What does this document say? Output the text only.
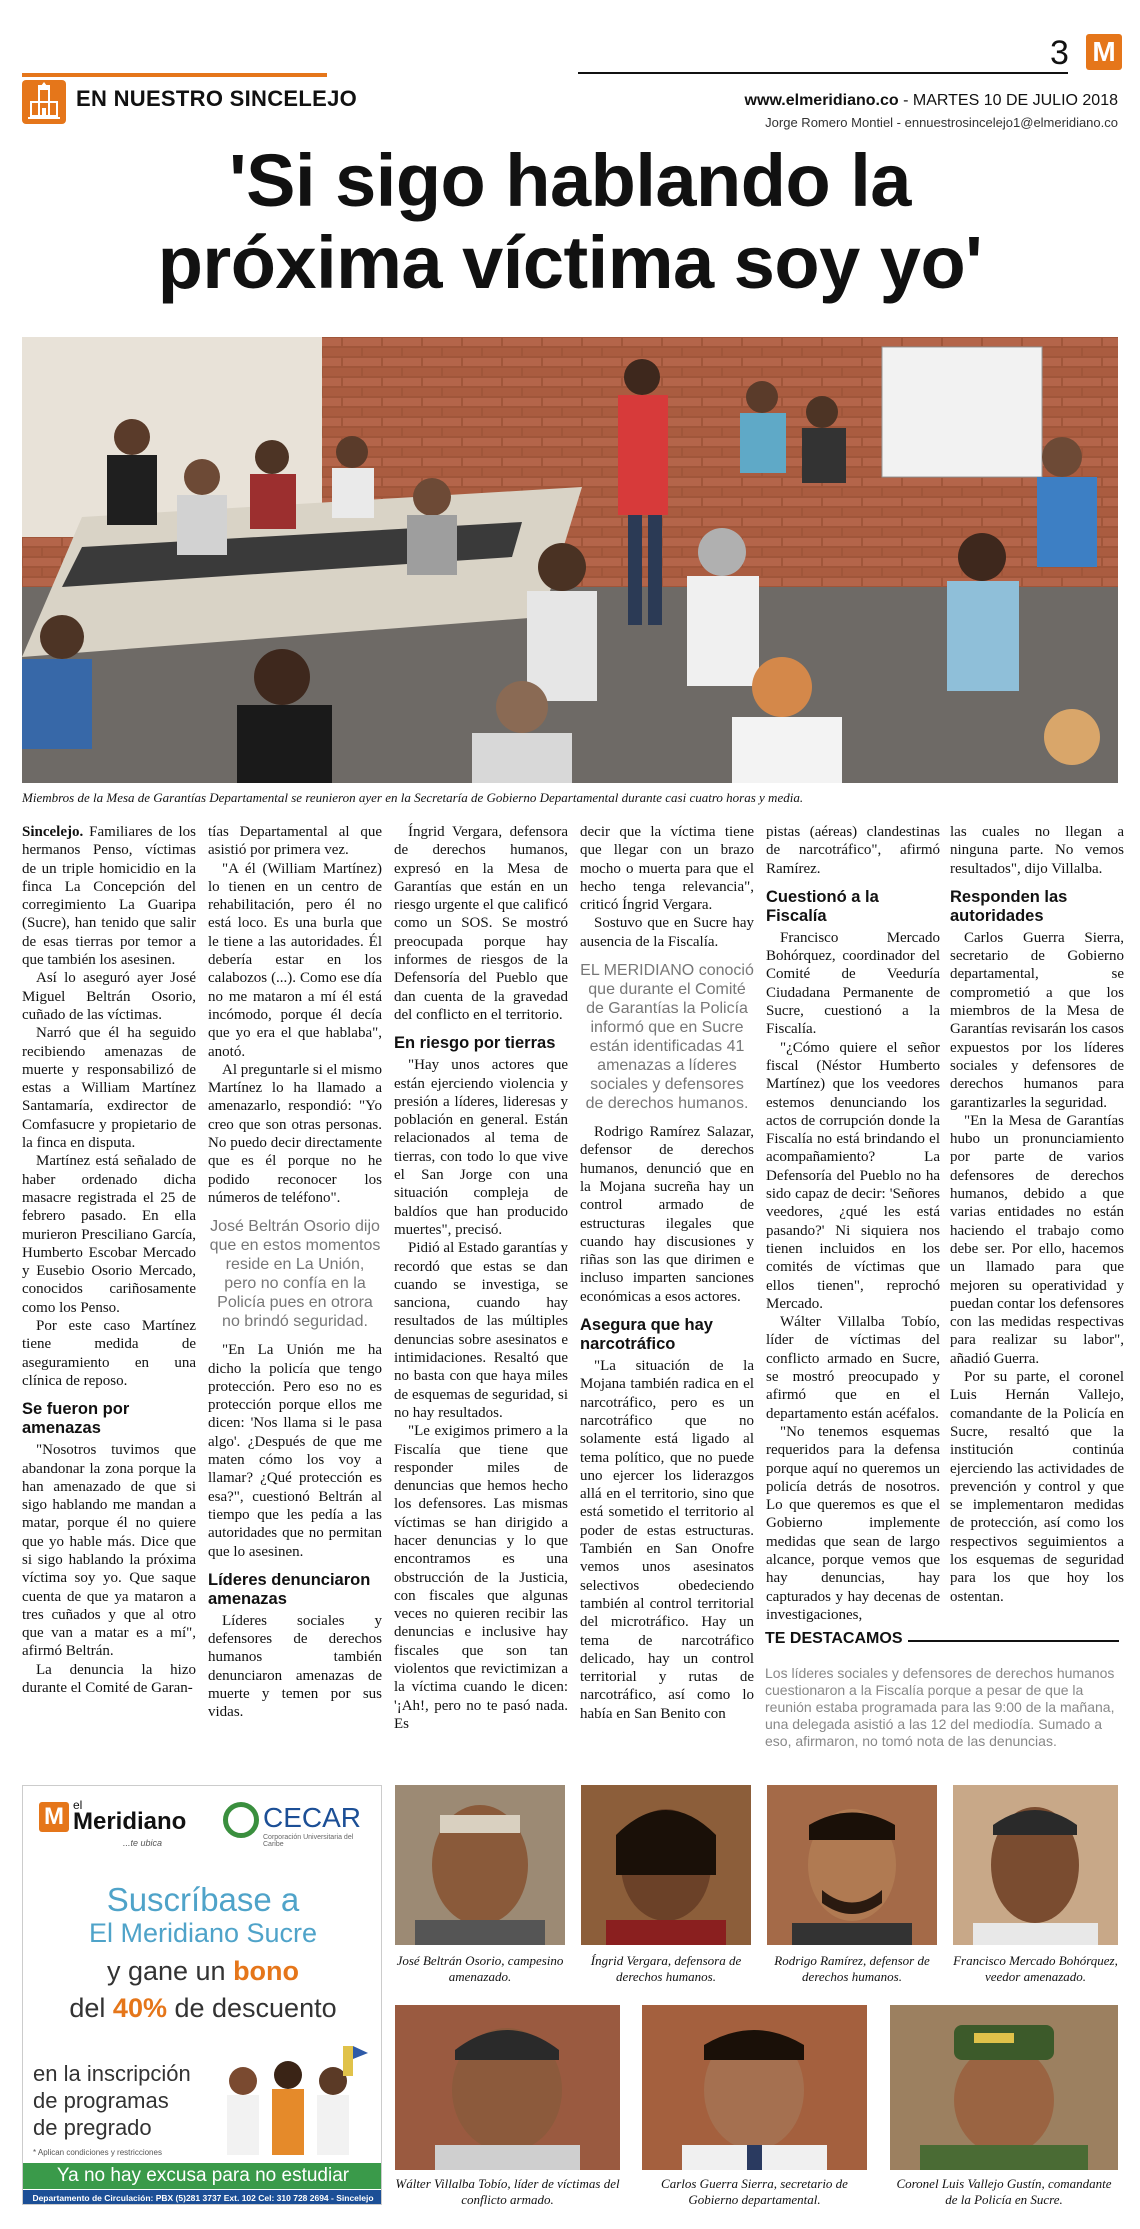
EN NUESTRO SINCELEJO
3 M
www.elmeridiano.co - MARTES 10 DE JULIO 2018
Jorge Romero Montiel - ennuestrosincelejo1@elmeridiano.co
'Si sigo hablando la
próxima víctima soy yo'
Miembros de la Mesa de Garantías Departamental se reunieron ayer en la Secretaría de Gobierno Departamental durante casi cuatro horas y media.

Sincelejo. Familiares de los hermanos Penso, víctimas de un triple homicidio en la finca La Concepción del corregimiento La Guaripa (Sucre), han tenido que salir de esas tierras por temor a que también los asesinen.

Así lo aseguró ayer José Miguel Beltrán Osorio, cuñado de las víctimas.

Narró que él ha seguido recibiendo amenazas de muerte y responsabilizó de estas a William Martínez Santamaría, exdirector de Comfasucre y propietario de la finca en disputa.

Martínez está señalado de haber ordenado dicha masacre registrada el 25 de febrero pasado. En ella murieron Presciliano García, Humberto Escobar Mercado y Eusebio Osorio Mercado, conocidos cariñosamente como los Penso.

Por este caso Martínez tiene medida de aseguramiento en una clínica de reposo.

Se fueron por amenazas

"Nosotros tuvimos que abandonar la zona porque la han amenazado de que si sigo hablando me mandan a matar, porque él no quiere que yo hable más. Dice que si sigo hablando la próxima víctima soy yo. Que saque cuenta de que ya mataron a tres cuñados y que al otro que van a matar es a mí", afirmó Beltrán.

La denuncia la hizo durante el Comité de Garan-

tías Departamental al que asistió por primera vez.

"A él (William Martínez) lo tienen en un centro de rehabilitación, pero él no está loco. Es una burla que le tiene a las autoridades. Él debería estar en los calabozos (...). Como ese día no me mataron a mí él está incómodo, porque él decía que yo era el que hablaba", anotó.

Al preguntarle si el mismo Martínez lo ha llamado a amenazarlo, respondió: "Yo creo que son otras personas. No puedo decir directamente que es él porque no he podido reconocer los números de teléfono".

José Beltrán Osorio dijo que en estos momentos reside en La Unión, pero no confía en la Policía pues en otrora no brindó seguridad.

"En La Unión me ha dicho la policía que tengo protección. Pero eso no es protección porque ellos me dicen: 'Nos llama si le pasa algo'. ¿Después de que me maten cómo los voy a llamar? ¿Qué protección es esa?", cuestionó Beltrán al tiempo que les pedía a las autoridades que no permitan que lo asesinen.

Líderes denunciaron amenazas

Líderes sociales y defensores de derechos humanos también denunciaron amenazas de muerte y temen por sus vidas.

Íngrid Vergara, defensora de derechos humanos, expresó en la Mesa de Garantías que están en un riesgo urgente el que calificó como un SOS. Se mostró preocupada porque hay informes de riesgos de la Defensoría del Pueblo que dan cuenta de la gravedad del conflicto en el territorio.

En riesgo por tierras

"Hay unos actores que están ejerciendo violencia y presión a líderes, lideresas y población en general. Están relacionados al tema de tierras, con todo lo que vive el San Jorge con una situación compleja de baldíos que han producido muertes", precisó.

Pidió al Estado garantías y recordó que estas se dan cuando se investiga, se sanciona, cuando hay resultados de las múltiples denuncias sobre asesinatos e intimidaciones. Resaltó que no basta con que haya miles de esquemas de seguridad, si no hay resultados.

"Le exigimos primero a la Fiscalía que tiene que responder miles de denuncias que hemos hecho los defensores. Las mismas víctimas se han dirigido a hacer denuncias y lo que encontramos es una obstrucción de la Justicia, con fiscales que algunas veces no quieren recibir las denuncias e inclusive hay fiscales que son tan violentos que revictimizan a la víctima cuando le dicen: '¡Ah!, pero no te pasó nada. Es

decir que la víctima tiene que llegar con un brazo mocho o muerta para que el hecho tenga relevancia", criticó Íngrid Vergara.

Sostuvo que en Sucre hay ausencia de la Fiscalía.

EL MERIDIANO conoció que durante el Comité de Garantías la Policía informó que en Sucre están identificadas 41 amenazas a líderes sociales y defensores de derechos humanos.

Rodrigo Ramírez Salazar, defensor de derechos humanos, denunció que en la Mojana sucreña hay un control armado de estructuras ilegales que cuando hay discusiones y riñas son las que dirimen e incluso imparten sanciones económicas a esos actores.

Asegura que hay narcotráfico

"La situación de la Mojana también radica en el narcotráfico, pero es un narcotráfico que no solamente está ligado al tema político, que no puede uno ejercer los liderazgos allá en el territorio, sino que está sometido el territorio al poder de estas estructuras. También en San Onofre vemos unos asesinatos selectivos obedeciendo también al control territorial del microtráfico. Hay un tema de narcotráfico delicado, hay un control territorial y rutas de narcotráfico, así como lo había en San Benito con

pistas (aéreas) clandestinas de narcotráfico", afirmó Ramírez.

Cuestionó a la Fiscalía

Francisco Mercado Bohórquez, coordinador del Comité de Veeduría Ciudadana Permanente de Sucre, cuestionó a la Fiscalía.

"¿Cómo quiere el señor fiscal (Néstor Humberto Martínez) que los veedores estemos denunciando los actos de corrupción donde la Fiscalía no está brindando el acompañamiento? La Defensoría del Pueblo no ha sido capaz de decir: 'Señores veedores, ¿qué les está pasando?' Ni siquiera nos tienen incluidos en los comités de víctimas que ellos tienen", reprochó Mercado.

Wálter Villalba Tobío, líder de víctimas del conflicto armado en Sucre, se mostró preocupado y afirmó que en el departamento están acéfalos.

"No tenemos esquemas requeridos para la defensa porque aquí no queremos un policía detrás de nosotros. Lo que queremos es que el Gobierno implemente medidas que sean de largo alcance, porque vemos que hay denuncias, hay capturados y hay decenas de investigaciones,

las cuales no llegan a ninguna parte. No vemos resultados", dijo Villalba.

Responden las autoridades

Carlos Guerra Sierra, secretario de Gobierno departamental, se comprometió a que los miembros de la Mesa de Garantías revisarán los casos expuestos por los líderes sociales y defensores de derechos humanos para garantizarles la seguridad.

"En la Mesa de Garantías hubo un pronunciamiento por parte de varios defensores de derechos humanos, debido a que varias entidades no están haciendo el trabajo como debe ser. Por ello, hacemos un llamado para que mejoren su operatividad y puedan contar los defensores con las medidas respectivas para realizar su labor", añadió Guerra.

Por su parte, el coronel Luis Hernán Vallejo, comandante de la Policía en Sucre, resaltó que la institución continúa ejerciendo las actividades de prevención y control y que se implementaron medidas de protección, así como los respectivos seguimientos a los esquemas de seguridad para los que hoy los ostentan.

TE DESTACAMOS
Los líderes sociales y defensores de derechos humanos cuestionaron a la Fiscalía porque a pesar de que la reunión estaba programada para las 9:00 de la mañana, una delegada asistió a las 12 del mediodía. Sumado a eso, afirmaron, no tomó nota de las denuncias.
M el
Meridiano
...te ubica
CECAR
Corporación Universitaria del Caribe
Suscríbase a
El Meridiano Sucre
y gane un bono
del 40% de descuento
en la inscripción
de programas
de pregrado
* Aplican condiciones y restricciones
Ya no hay excusa para no estudiar
Departamento de Circulación: PBX (5)281 3737 Ext. 102 Cel: 310 728 2694 - Sincelejo
José Beltrán Osorio, campesino amenazado.
Íngrid Vergara, defensora de derechos humanos.
Rodrigo Ramírez, defensor de derechos humanos.
Francisco Mercado Bohórquez, veedor amenazado.
Wálter Villalba Tobío, líder de víctimas del conflicto armado.
Carlos Guerra Sierra, secretario de Gobierno departamental.
Coronel Luis Vallejo Gustín, comandante de la Policía en Sucre.
